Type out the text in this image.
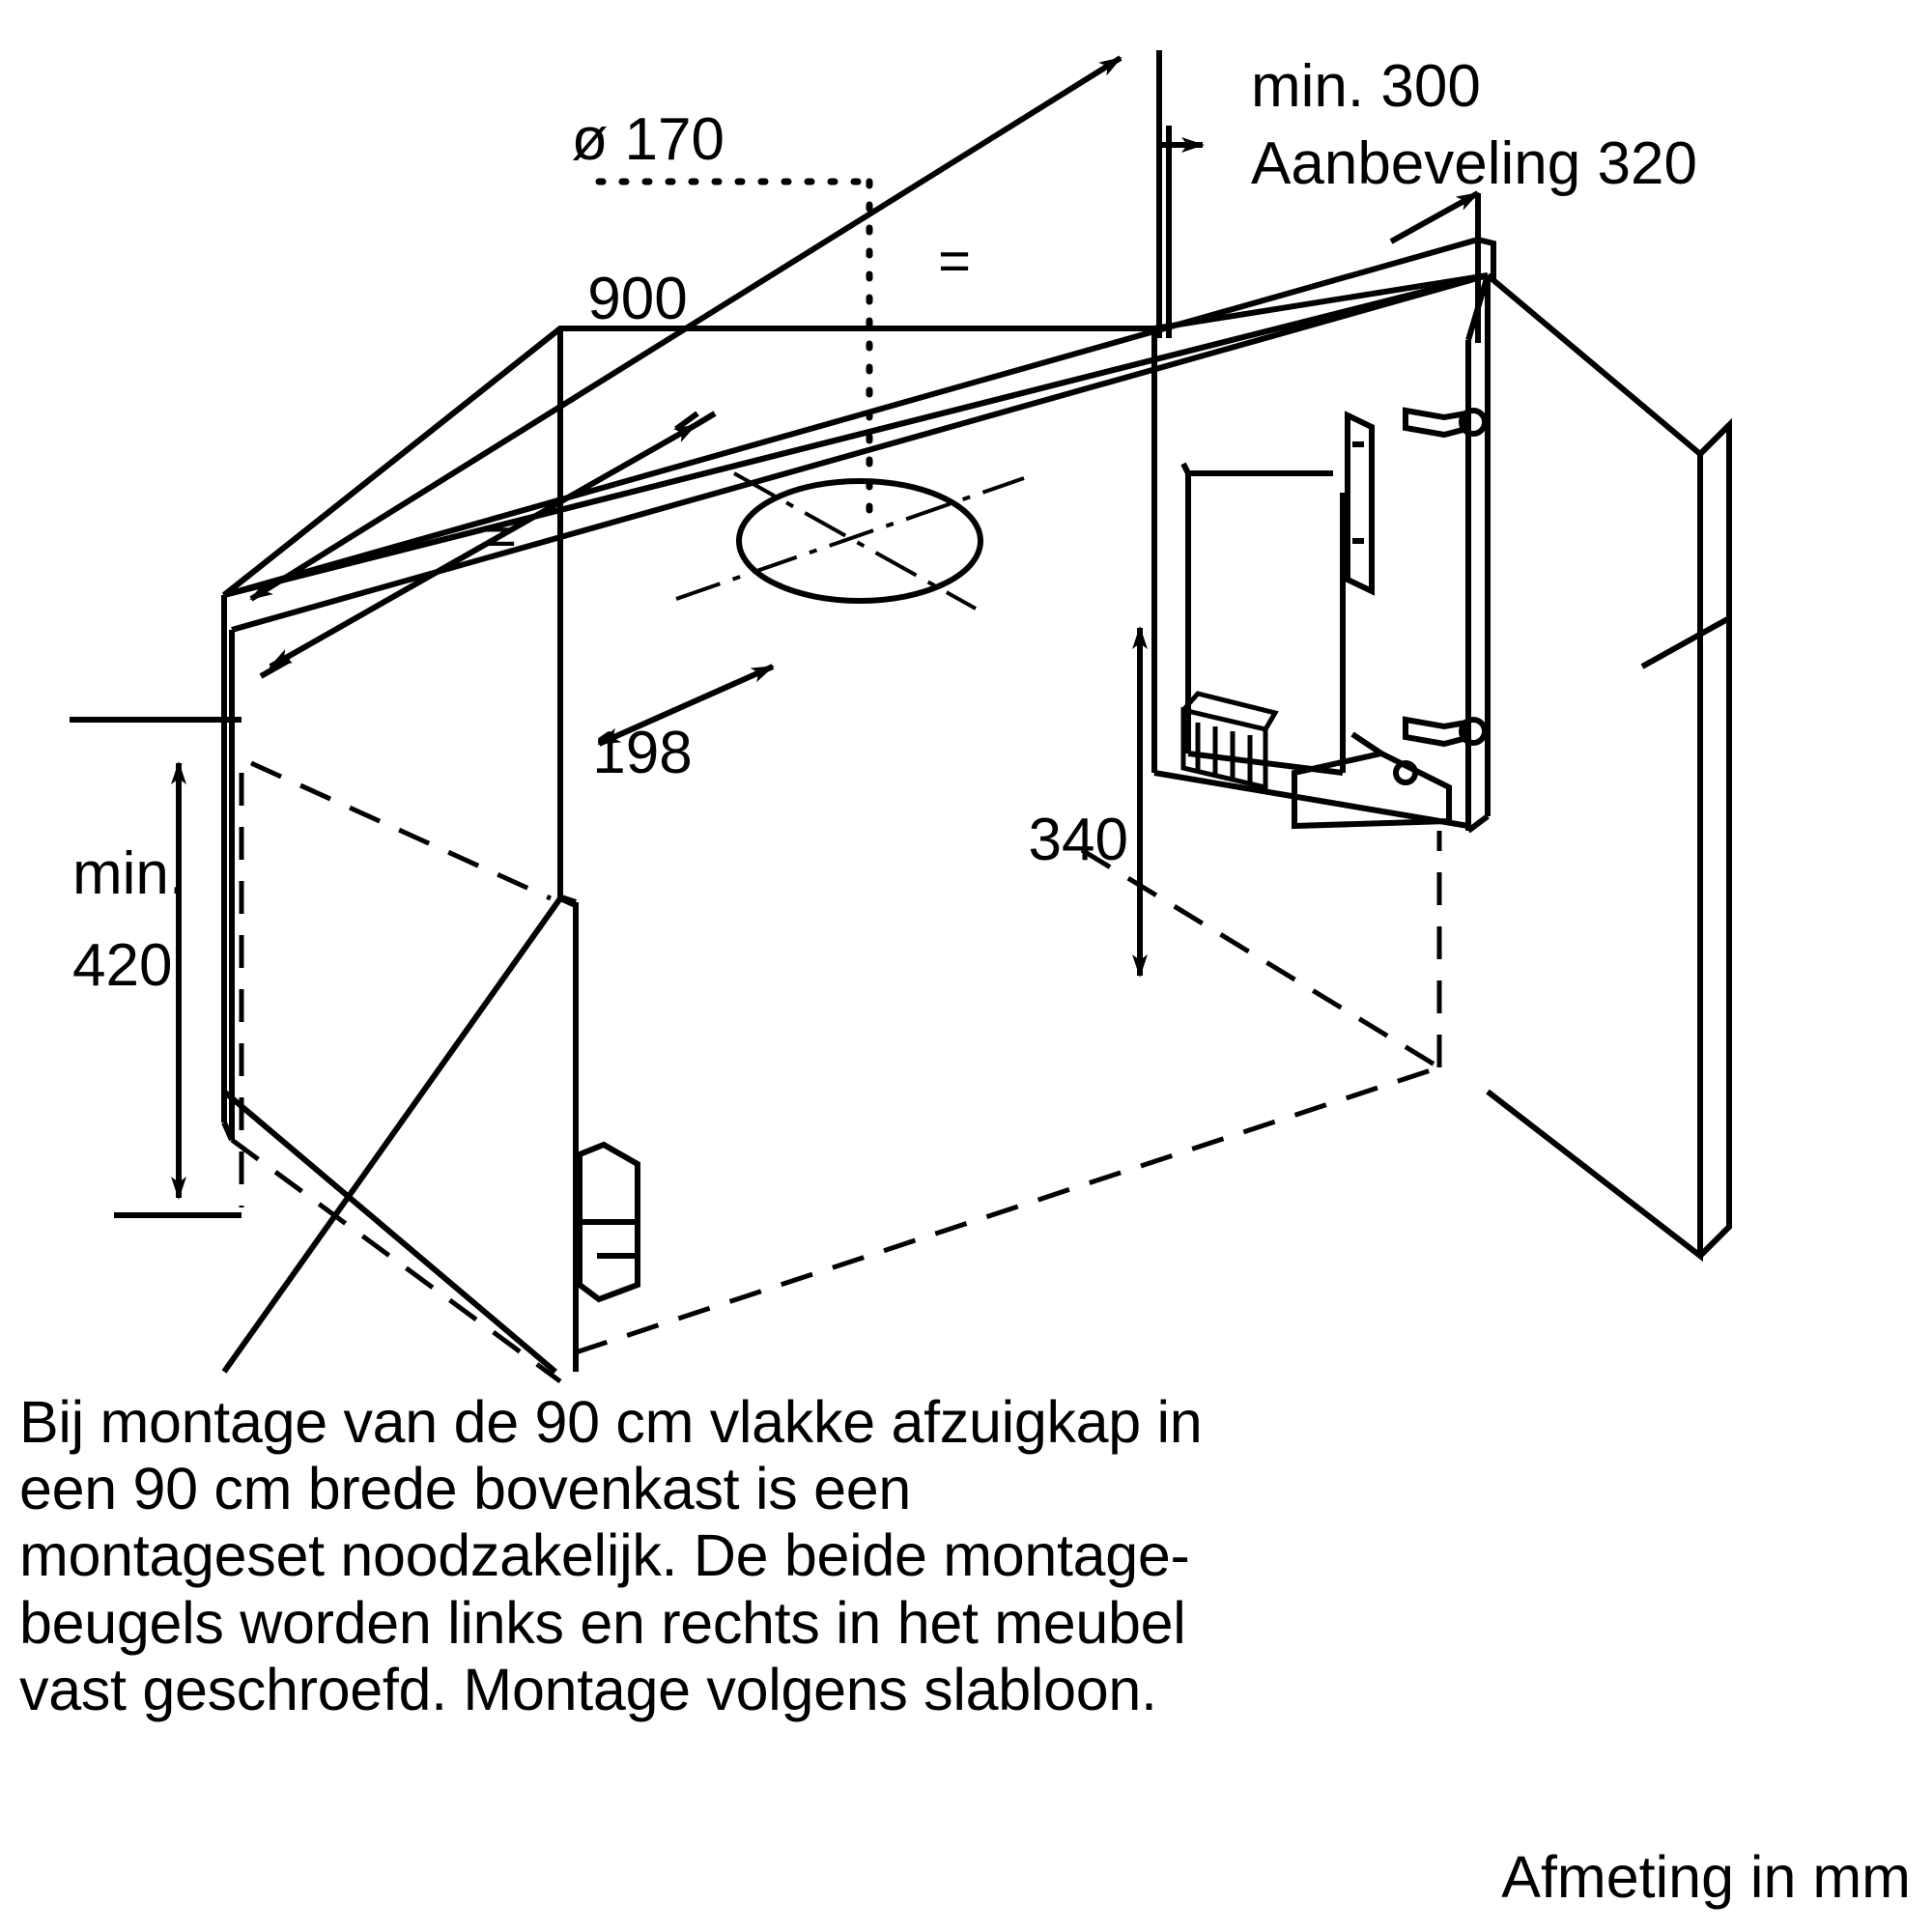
900
min. 300
Aanbeveling 320
ø 170
=
=
198
340
min.
420
Bij montage van de 90 cm vlakke afzuigkap in
een 90 cm brede bovenkast is een
montageset noodzakelijk. De beide montage-
beugels worden links en rechts in het meubel
vast geschroefd. Montage volgens slabloon.
Afmeting in mm
